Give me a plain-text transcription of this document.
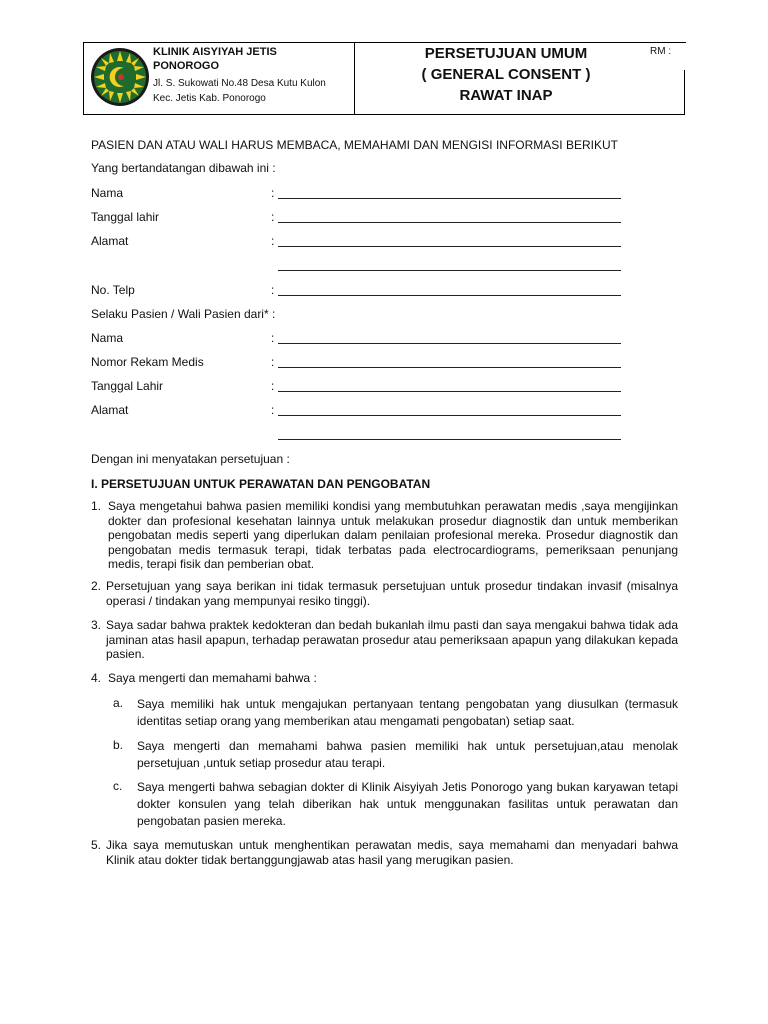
KLINIK AISYIYAH JETIS PONOROGO
Jl. S. Sukowati No.48 Desa Kutu Kulon Kec. Jetis Kab. Ponorogo
PERSETUJUAN UMUM
( GENERAL CONSENT )
RAWAT INAP
RM :
PASIEN DAN ATAU WALI HARUS MEMBACA, MEMAHAMI DAN MENGISI INFORMASI BERIKUT
Yang bertandatangan dibawah ini :
Nama	:
Tanggal lahir	:
Alamat	:
No. Telp	:
Selaku Pasien / Wali Pasien dari* :
Nama	:
Nomor Rekam Medis	:
Tanggal Lahir	:
Alamat	:
Dengan ini menyatakan persetujuan :
I. PERSETUJUAN UNTUK PERAWATAN DAN PENGOBATAN
1. Saya mengetahui bahwa pasien memiliki kondisi yang membutuhkan perawatan medis ,saya mengijinkan dokter dan profesional kesehatan lainnya untuk melakukan prosedur diagnostik dan untuk memberikan pengobatan medis seperti yang diperlukan dalam penilaian profesional mereka. Prosedur diagnostik dan pengobatan medis termasuk terapi, tidak terbatas pada electrocardiograms, pemeriksaan penunjang medis, terapi fisik dan pemberian obat.
2. Persetujuan yang saya berikan ini tidak termasuk persetujuan untuk prosedur tindakan invasif (misalnya operasi / tindakan yang mempunyai resiko tinggi).
3. Saya sadar bahwa praktek kedokteran dan bedah bukanlah ilmu pasti dan saya mengakui bahwa tidak ada jaminan atas hasil apapun, terhadap perawatan prosedur atau pemeriksaan apapun yang dilakukan kepada pasien.
4. Saya mengerti dan memahami bahwa :
a. Saya memiliki hak untuk mengajukan pertanyaan tentang pengobatan yang diusulkan (termasuk identitas setiap orang yang memberikan atau mengamati pengobatan) setiap saat.
b. Saya mengerti dan memahami bahwa pasien memiliki hak untuk persetujuan,atau menolak persetujuan ,untuk setiap prosedur atau terapi.
c. Saya mengerti bahwa sebagian dokter di Klinik Aisyiyah Jetis Ponorogo yang bukan karyawan tetapi dokter konsulen yang telah diberikan hak untuk menggunakan fasilitas untuk perawatan dan pengobatan pasien mereka.
5. Jika saya memutuskan untuk menghentikan perawatan medis, saya memahami dan menyadari bahwa Klinik atau dokter tidak bertanggungjawab atas hasil yang merugikan pasien.
